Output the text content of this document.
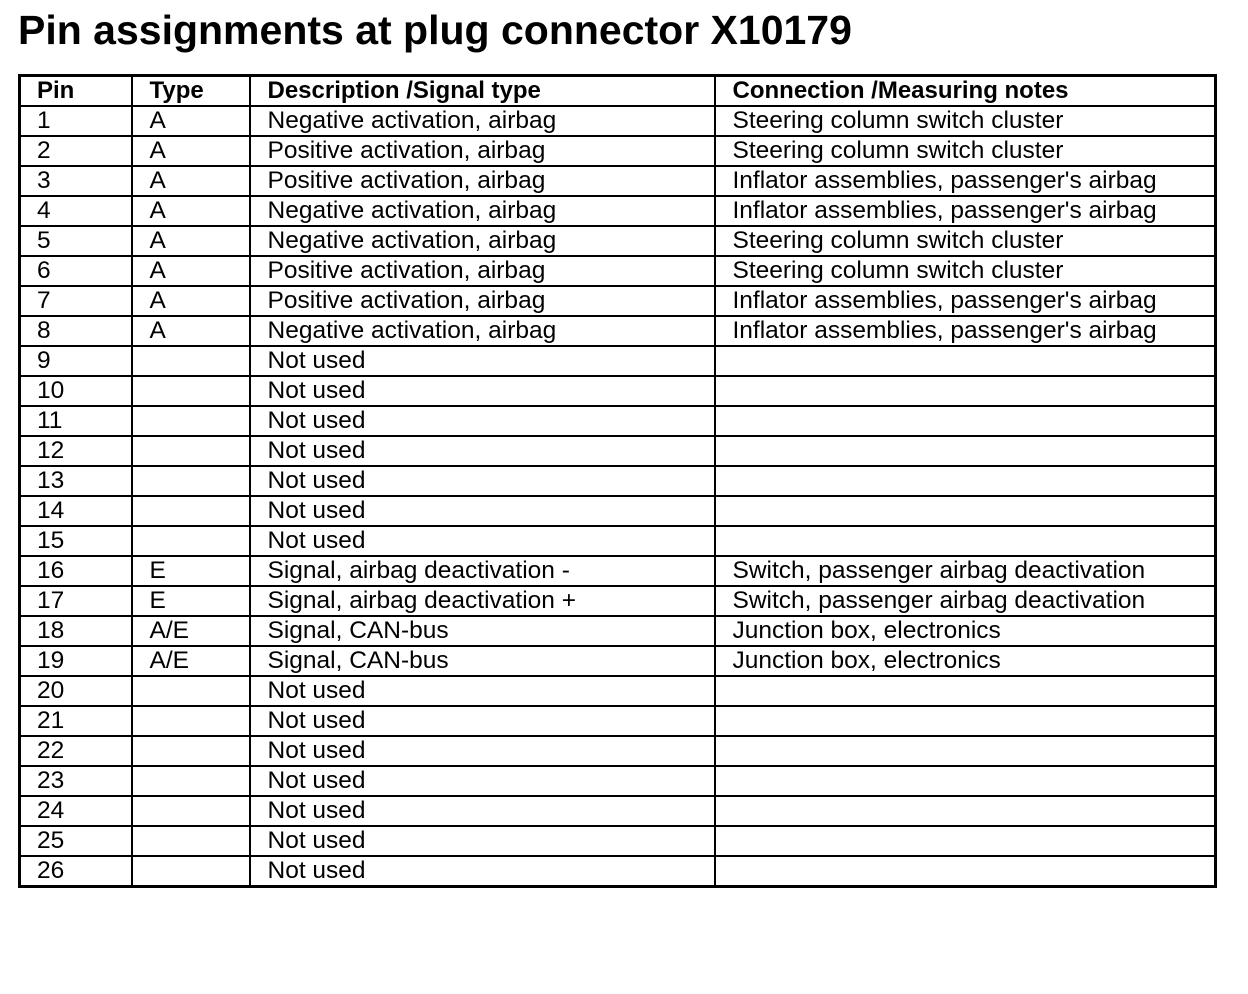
Pin assignments at plug connector X10179
Pin	Type	Description /Signal type	Connection /Measuring notes
1	A	Negative activation, airbag	Steering column switch cluster
2	A	Positive activation, airbag	Steering column switch cluster
3	A	Positive activation, airbag	Inflator assemblies, passenger's airbag
4	A	Negative activation, airbag	Inflator assemblies, passenger's airbag
5	A	Negative activation, airbag	Steering column switch cluster
6	A	Positive activation, airbag	Steering column switch cluster
7	A	Positive activation, airbag	Inflator assemblies, passenger's airbag
8	A	Negative activation, airbag	Inflator assemblies, passenger's airbag
9		Not used	
10		Not used	
11		Not used	
12		Not used	
13		Not used	
14		Not used	
15		Not used	
16	E	Signal, airbag deactivation -	Switch, passenger airbag deactivation
17	E	Signal, airbag deactivation +	Switch, passenger airbag deactivation
18	A/E	Signal, CAN-bus	Junction box, electronics
19	A/E	Signal, CAN-bus	Junction box, electronics
20		Not used	
21		Not used	
22		Not used	
23		Not used	
24		Not used	
25		Not used	
26		Not used	
